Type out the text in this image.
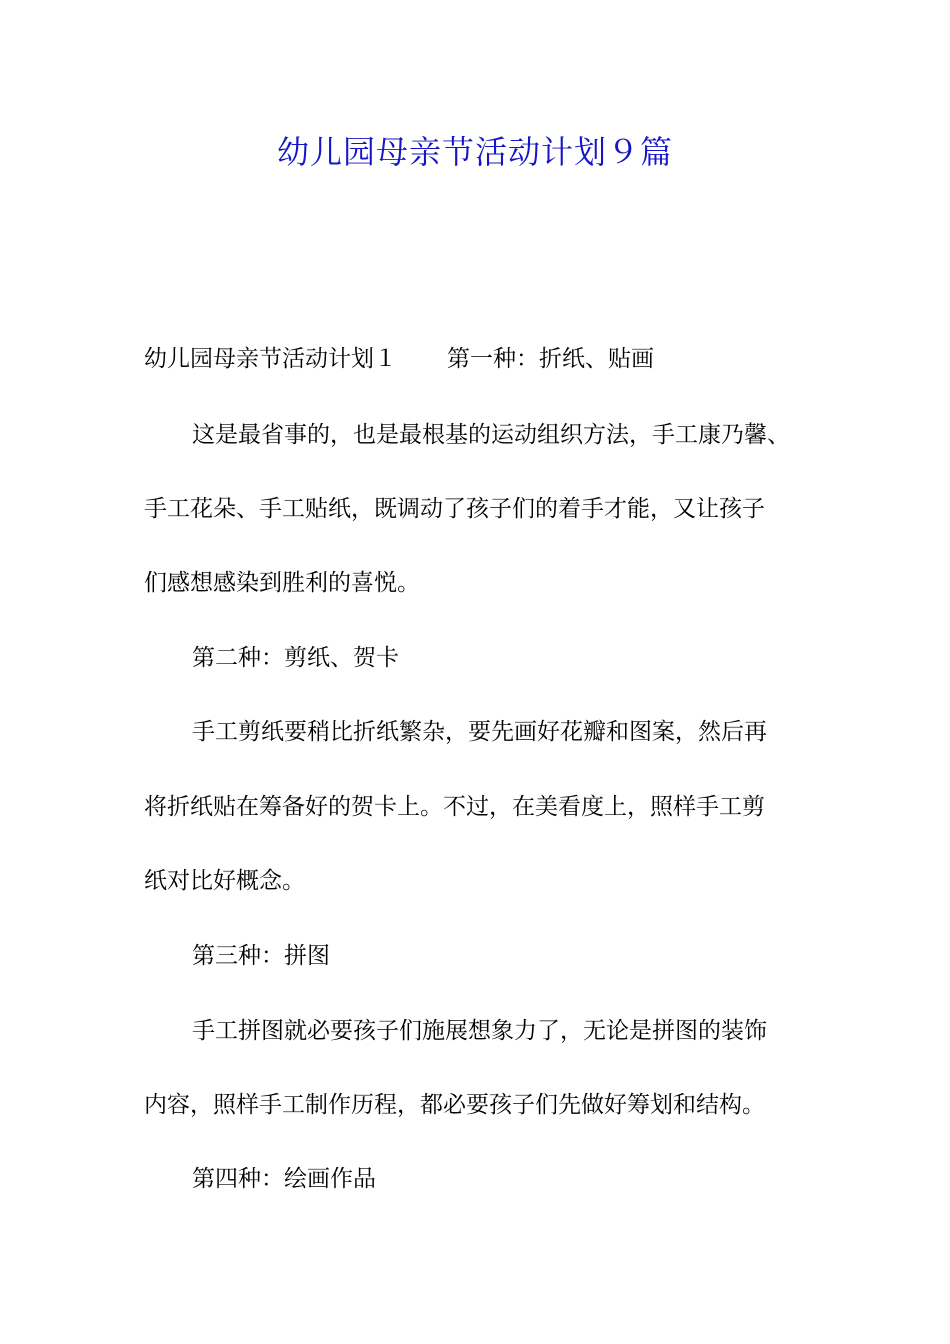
幼儿园母亲节活动计划９篇

幼儿园母亲节活动计划１ 第一种：折纸、贴画

这是最省事的，也是最根基的运动组织方法，手工康乃馨、

手工花朵、手工贴纸，既调动了孩子们的着手才能，又让孩子

们感想感染到胜利的喜悦。

第二种：剪纸、贺卡

手工剪纸要稍比折纸繁杂，要先画好花瓣和图案，然后再

将折纸贴在筹备好的贺卡上。不过，在美看度上，照样手工剪

纸对比好概念。

第三种：拼图

手工拼图就必要孩子们施展想象力了，无论是拼图的装饰

内容，照样手工制作历程，都必要孩子们先做好筹划和结构。

第四种：绘画作品
